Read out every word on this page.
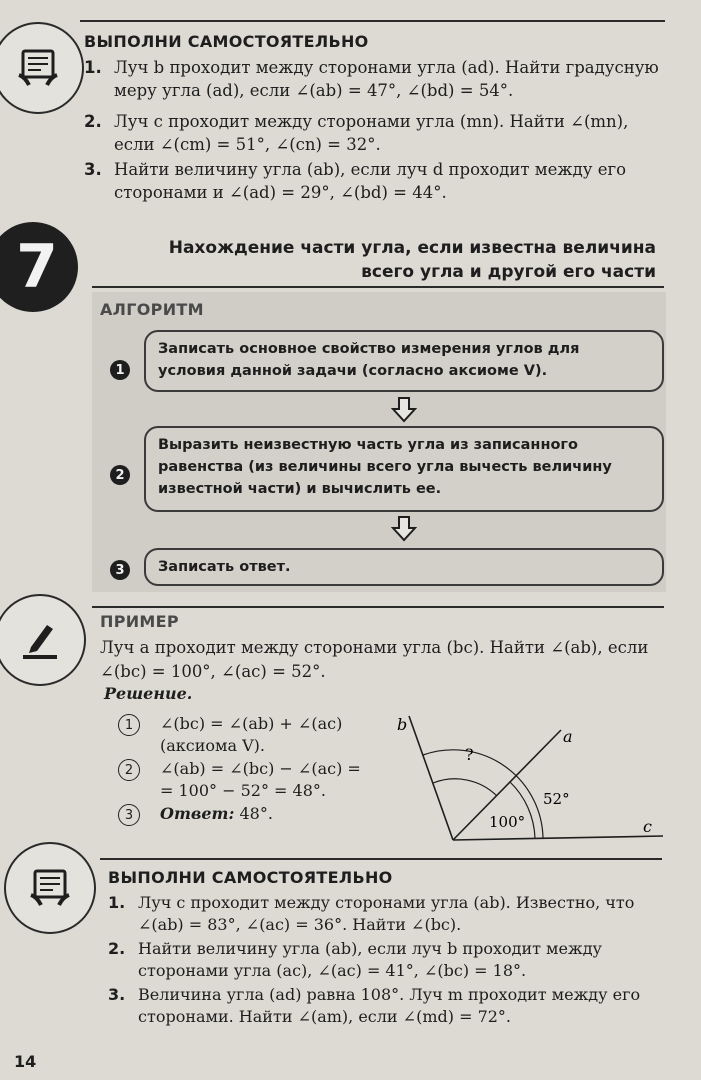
ВЫПОЛНИ САМОСТОЯТЕЛЬНО
1. Луч b проходит между сторонами угла (ad). Найти градусную меру угла (ad), если ∠(ab) = 47°, ∠(bd) = 54°.
2. Луч c проходит между сторонами угла (mn). Найти ∠(mn), если ∠(cm) = 51°, ∠(cn) = 32°.
3. Найти величину угла (ab), если луч d проходит между его сторонами и ∠(ad) = 29°, ∠(bd) = 44°.
7	Нахождение части угла, если известна величина
всего угла и другой его части
АЛГОРИТМ
1
Записать основное свойство измерения углов для условия данной задачи (согласно аксиоме V).
2
Выразить неизвестную часть угла из записанного равенства (из величины всего угла вычесть величину известной части) и вычислить ее.
3	Записать ответ.
ПРИМЕР
Луч a проходит между сторонами угла (bc). Найти ∠(ab), если
∠(bc) = 100°, ∠(ac) = 52°.
Решение.
1	∠(bc) = ∠(ab) + ∠(ac)
(аксиома V).
2	∠(ab) = ∠(bc) − ∠(ac) =
= 100° − 52° = 48°.
3	Ответ: 48°.
b
a
c
?
52°
100°
ВЫПОЛНИ САМОСТОЯТЕЛЬНО
1. Луч c проходит между сторонами угла (ab). Известно, что ∠(ab) = 83°, ∠(ac) = 36°. Найти ∠(bc).
2. Найти величину угла (ab), если луч b проходит между сторонами угла (ac), ∠(ac) = 41°, ∠(bc) = 18°.
3. Величина угла (ad) равна 108°. Луч m проходит между его сторонами. Найти ∠(am), если ∠(md) = 72°.
14
